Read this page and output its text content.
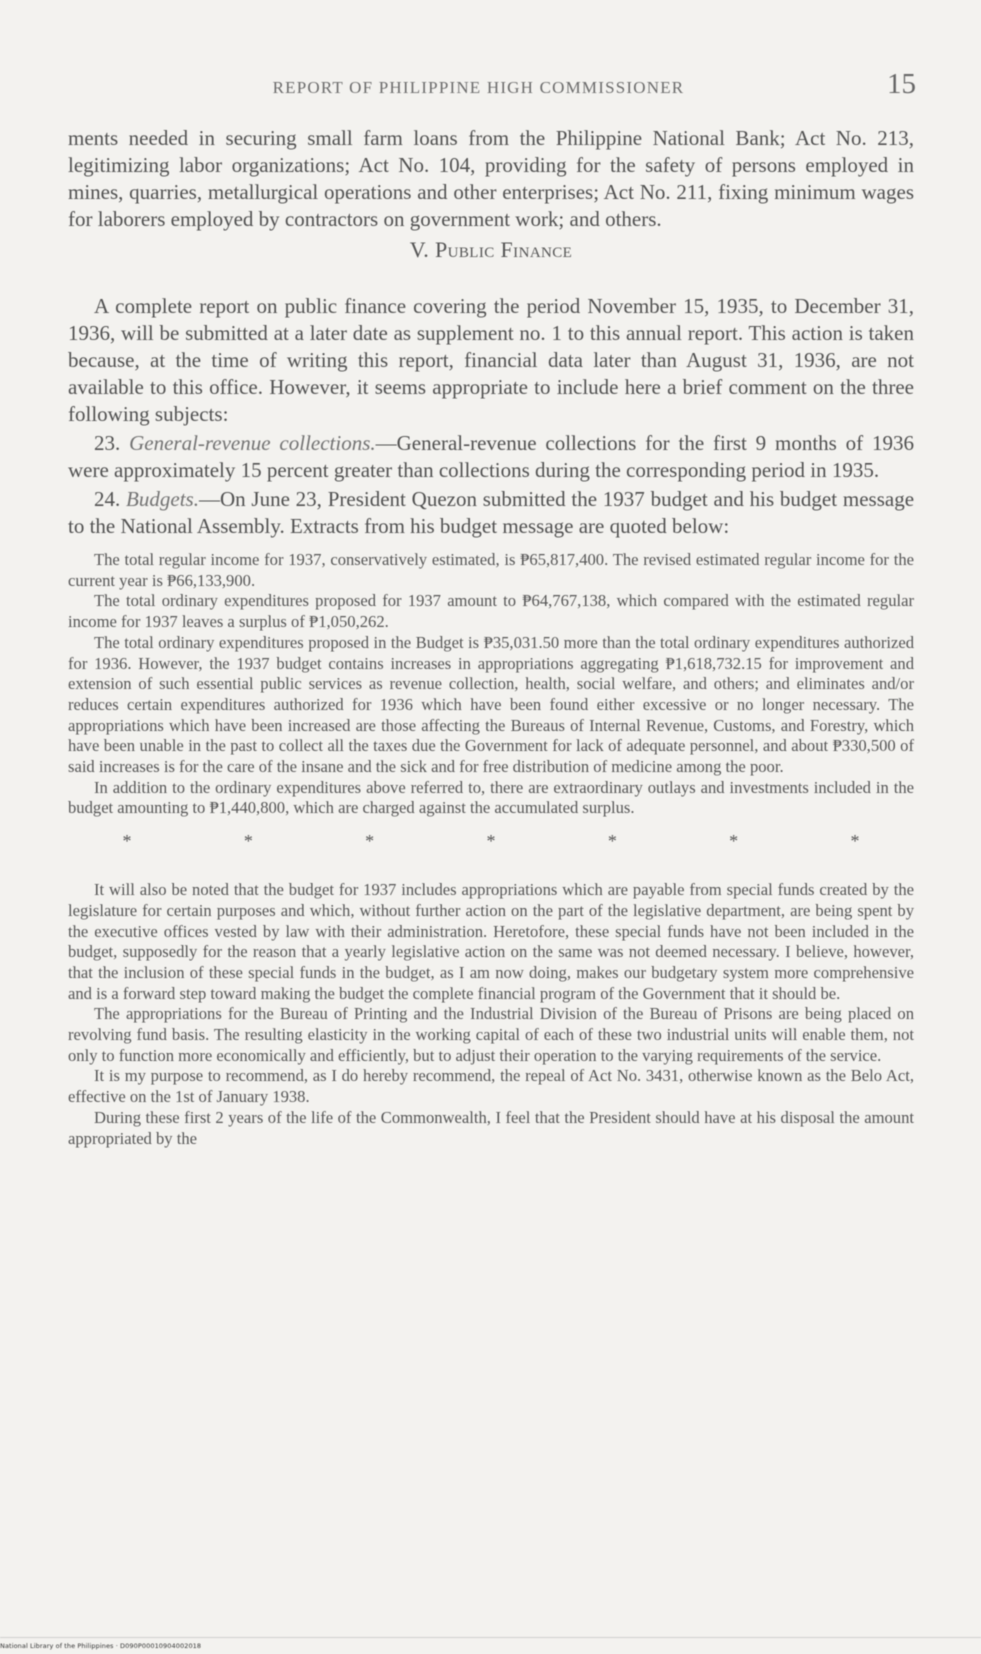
REPORT OF PHILIPPINE HIGH COMMISSIONER	15

ments needed in securing small farm loans from the Philippine National Bank; Act No. 213, legitimizing labor organizations; Act No. 104, providing for the safety of persons employed in mines, quarries, metallurgical operations and other enterprises; Act No. 211, fixing minimum wages for laborers employed by contractors on government work; and others.

V. Public Finance

A complete report on public finance covering the period November 15, 1935, to December 31, 1936, will be submitted at a later date as supplement no. 1 to this annual report. This action is taken because, at the time of writing this report, financial data later than August 31, 1936, are not available to this office. However, it seems appropriate to include here a brief comment on the three following subjects:

23. General-revenue collections.—General-revenue collections for the first 9 months of 1936 were approximately 15 percent greater than collections during the corresponding period in 1935.

24. Budgets.—On June 23, President Quezon submitted the 1937 budget and his budget message to the National Assembly. Extracts from his budget message are quoted below:

The total regular income for 1937, conservatively estimated, is ₱65,817,400. The revised estimated regular income for the current year is ₱66,133,900.

The total ordinary expenditures proposed for 1937 amount to ₱64,767,138, which compared with the estimated regular income for 1937 leaves a surplus of ₱1,050,262.

The total ordinary expenditures proposed in the Budget is ₱35,031.50 more than the total ordinary expenditures authorized for 1936. However, the 1937 budget contains increases in appropriations aggregating ₱1,618,732.15 for improvement and extension of such essential public services as revenue collection, health, social welfare, and others; and eliminates and/or reduces certain expenditures authorized for 1936 which have been found either excessive or no longer necessary. The appropriations which have been increased are those affecting the Bureaus of Internal Revenue, Customs, and Forestry, which have been unable in the past to collect all the taxes due the Government for lack of adequate personnel, and about ₱330,500 of said increases is for the care of the insane and the sick and for free distribution of medicine among the poor.

In addition to the ordinary expenditures above referred to, there are extraordinary outlays and investments included in the budget amounting to ₱1,440,800, which are charged against the accumulated surplus.

*	*	*	*	*	*	*

It will also be noted that the budget for 1937 includes appropriations which are payable from special funds created by the legislature for certain purposes and which, without further action on the part of the legislative department, are being spent by the executive offices vested by law with their administration. Heretofore, these special funds have not been included in the budget, supposedly for the reason that a yearly legislative action on the same was not deemed necessary. I believe, however, that the inclusion of these special funds in the budget, as I am now doing, makes our budgetary system more comprehensive and is a forward step toward making the budget the complete financial program of the Government that it should be.

The appropriations for the Bureau of Printing and the Industrial Division of the Bureau of Prisons are being placed on revolving fund basis. The resulting elasticity in the working capital of each of these two industrial units will enable them, not only to function more economically and efficiently, but to adjust their operation to the varying requirements of the service.

It is my purpose to recommend, as I do hereby recommend, the repeal of Act No. 3431, otherwise known as the Belo Act, effective on the 1st of January 1938.

During these first 2 years of the life of the Commonwealth, I feel that the President should have at his disposal the amount appropriated by the

National Library of the Philippines · D090P00010904002018
